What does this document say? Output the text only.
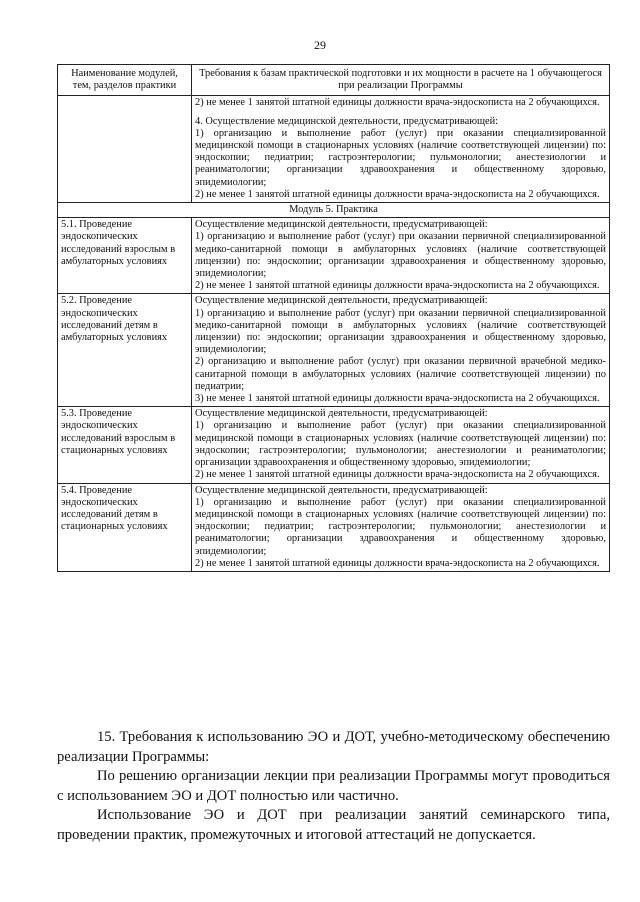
29
Наименование модулей, тем, разделов практики	Требования к базам практической подготовки и их мощности в расчете на 1 обучающегося при реализации Программы

	2) не менее 1 занятой штатной единицы должности врача-эндоскописта на 2 обучающихся.

4. Осуществление медицинской деятельности, предусматривающей:

1) организацию и выполнение работ (услуг) при оказании специализированной медицинской помощи в стационарных условиях (наличие соответствующей лицензии) по: эндоскопии; педиатрии; гастроэнтерологии; пульмонологии; анестезиологии и реаниматологии; организации здравоохранения и общественному здоровью, эпидемиологии;

2) не менее 1 занятой штатной единицы должности врача-эндоскописта на 2 обучающихся.

Модуль 5. Практика	
5.1. Проведение эндоскопических исследований взрослым в амбулаторных условиях	Осуществление медицинской деятельности, предусматривающей:

1) организацию и выполнение работ (услуг) при оказании первичной специализированной медико-санитарной помощи в амбулаторных условиях (наличие соответствующей лицензии) по: эндоскопии; организации здравоохранения и общественному здоровью, эпидемиологии;

2) не менее 1 занятой штатной единицы должности врача-эндоскописта на 2 обучающихся.

5.2. Проведение эндоскопических исследований детям в амбулаторных условиях	Осуществление медицинской деятельности, предусматривающей:

1) организацию и выполнение работ (услуг) при оказании первичной специализированной медико-санитарной помощи в амбулаторных условиях (наличие соответствующей лицензии) по: эндоскопии; организации здравоохранения и общественному здоровью, эпидемиологии;

2) организацию и выполнение работ (услуг) при оказании первичной врачебной медико-санитарной помощи в амбулаторных условиях (наличие соответствующей лицензии) по педиатрии;

3) не менее 1 занятой штатной единицы должности врача-эндоскописта на 2 обучающихся.

5.3. Проведение эндоскопических исследований взрослым в стационарных условиях	Осуществление медицинской деятельности, предусматривающей:

1) организацию и выполнение работ (услуг) при оказании специализированной медицинской помощи в стационарных условиях (наличие соответствующей лицензии) по: эндоскопии; гастроэнтерологии; пульмонологии; анестезиологии и реаниматологии; организации здравоохранения и общественному здоровью, эпидемиологии;

2) не менее 1 занятой штатной единицы должности врача-эндоскописта на 2 обучающихся.

5.4. Проведение эндоскопических исследований детям в стационарных условиях	Осуществление медицинской деятельности, предусматривающей:

1) организацию и выполнение работ (услуг) при оказании специализированной медицинской помощи в стационарных условиях (наличие соответствующей лицензии) по: эндоскопии; педиатрии; гастроэнтерологии; пульмонологии; анестезиологии и реаниматологии; организации здравоохранения и общественному здоровью, эпидемиологии;

2) не менее 1 занятой штатной единицы должности врача-эндоскописта на 2 обучающихся.

15. Требования к использованию ЭО и ДОТ, учебно-методическому обеспечению реализации Программы:

По решению организации лекции при реализации Программы могут проводиться с использованием ЭО и ДОТ полностью или частично.

Использование ЭО и ДОТ при реализации занятий семинарского типа, проведении практик, промежуточных и итоговой аттестаций не допускается.
